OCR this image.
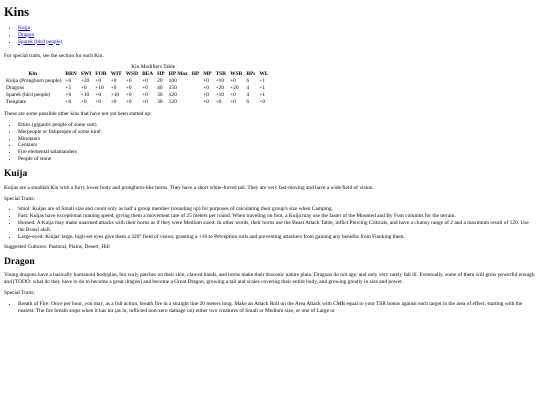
Kins
• Kuija
• Dragon
• Sparek (bird people)

For special traits, see the section for each Kin.

Kin Modifiers Table
Kin	BRN	SWI	FOR	WIT	WSD	BEA	HP	HP Max	HP	MP	TSR	WSR	BPs	WL
Kuija (Pronghorn people)	+0	+20	+0	+0	+0	+0	20	100		+0	+10	+0	6	+1
Dragons	+5	+0	+10	+0	+0	+0	40	150		+0	+20	+20	4	+1
Sparek (bird people)	+0	+10	+0	+10	+0	+0	30	120		+0	+10	+0	4	+1
Template	+0	+0	+0	+0	+0	+0	30	120		+0	+0	+0	6	+0

These are some possible other kins that have not yet been statted up:

• Ettins (gigantic people of some sort)
• Merpeople or fishpeople of some kind
• Minotaurs
• Centaurs
• Fire elemental salamanders
• People of stone
Kuija

Kuijas are a smallish Kin with a furry lower body and pronghorn-like horns. They have a short white-furred tail. They are very fast-moving and have a wide field of vision.

Special Traits:

• Smol: Kuijas are of Small size and count only as half a group member (rounding up) for purposes of calculating their group's size when Camping.
• Fast: Kuijas have exceptional running speed, giving them a movement rate of 25 meters per round. When traveling on foot, a Kuija may use the faster of the Mounted and By Foot columns for the terrain.
• Horned: A Kuija may make unarmed attacks with their horns as if they were Medium sized. In other words, their horns use the Beast Attack Table, inflict Piercing Criticals, and have a clumsy range of 2 and a maximum result of 120. Use the Brawl skill.
• Large-eyed: Kuijas' large, high-set eyes give them a 320° field of vision, granting a +10 to Perception rolls and preventing attackers from gaining any benefits from Flanking them.

Suggested Cultures: Pastoral, Plains, Desert, Hill

Dragon

Young dragons have a basically humanoid bodyplan, but scaly patches on their skin, clawed hands, and horns make their draconic nature plain. Dragons do not age, and only very rarely fall ill. Eventually, some of them will grow powerful enough and [TODO: what do they have to do to become a great dragon] and become a Great Dragon, growing a tail and scales covering their entire body, and growing greatly in size and power.

Special Traits:

• Breath of Fire: Once per hour, you may, as a full action, breath fire in a straight line 20 meters long. Make an Attack Roll on the Area Attack with CMB equal to your TSR bonus against each target in the area of effect, starting with the nearest. The fire breath stops when it has hit (as in, inflicted non-zero damage on) either two creatures of Small or Medium size, or one of Large or
